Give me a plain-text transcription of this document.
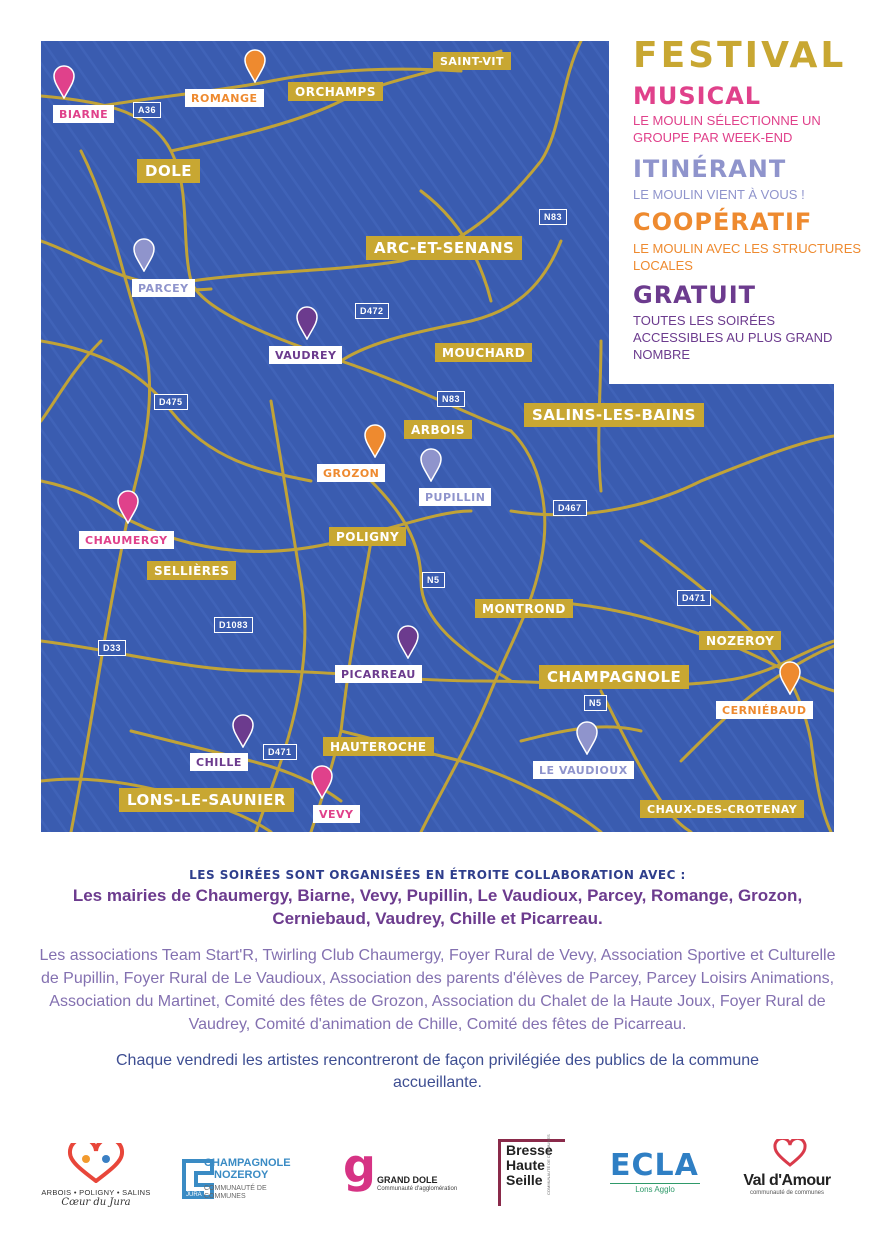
SAINT-VIT
ORCHAMPS
DOLE
ARC-ET-SENANS
MOUCHARD
SALINS-LES-BAINS
ARBOIS
POLIGNY
SELLIÈRES
MONTROND
CHAMPAGNOLE
NOZEROY
HAUTEROCHE
LONS-LE-SAUNIER
CHAUX-DES-CROTENAY
A36
N83
D472
N83
D475
D467
N5
D471
D1083
D33
N5
D471
BIARNE
ROMANGE
PARCEY
VAUDREY
GROZON
PUPILLIN
CHAUMERGY
PICARREAU
CERNIÉBAUD
LE VAUDIOUX
CHILLE
VEVY
FESTIVAL
MUSICAL
LE MOULIN SÉLECTIONNE UN GROUPE PAR WEEK-END
ITINÉRANT
LE MOULIN VIENT À VOUS !
COOPÉRATIF
LE MOULIN AVEC LES STRUCTURES LOCALES
GRATUIT
TOUTES LES SOIRÉES ACCESSIBLES AU PLUS GRAND NOMBRE
LES SOIRÉES SONT ORGANISÉES EN ÉTROITE COLLABORATION AVEC :
Les mairies de Chaumergy, Biarne, Vevy, Pupillin, Le Vaudioux, Parcey, Romange, Grozon, Cerniebaud, Vaudrey, Chille et Picarreau.
Les associations Team Start'R, Twirling Club Chaumergy, Foyer Rural de Vevy, Association Sportive et Culturelle de Pupillin, Foyer Rural de Le Vaudioux, Association des parents d'élèves de Parcey, Parcey Loisirs Animations, Association du Martinet, Comité des fêtes de Grozon, Association du Chalet de la Haute Joux, Foyer Rural de Vaudrey, Comité d'animation de Chille, Comité des fêtes de Picarreau.
Chaque vendredi les artistes rencontreront de façon privilégiée des publics de la commune accueillante.
ARBOIS • POLIGNY • SALINS
Cœur du Jura
CHAMPAGNOLE
NOZEROY
COMMUNAUTÉ DE COMMUNES
JURA
g GRAND DOLE
Communauté d'agglomération
Bresse
Haute
Seille COMMUNAUTÉ DE COMMUNES ECLA
Lons Agglo
Val d'Amour
communauté de communes
